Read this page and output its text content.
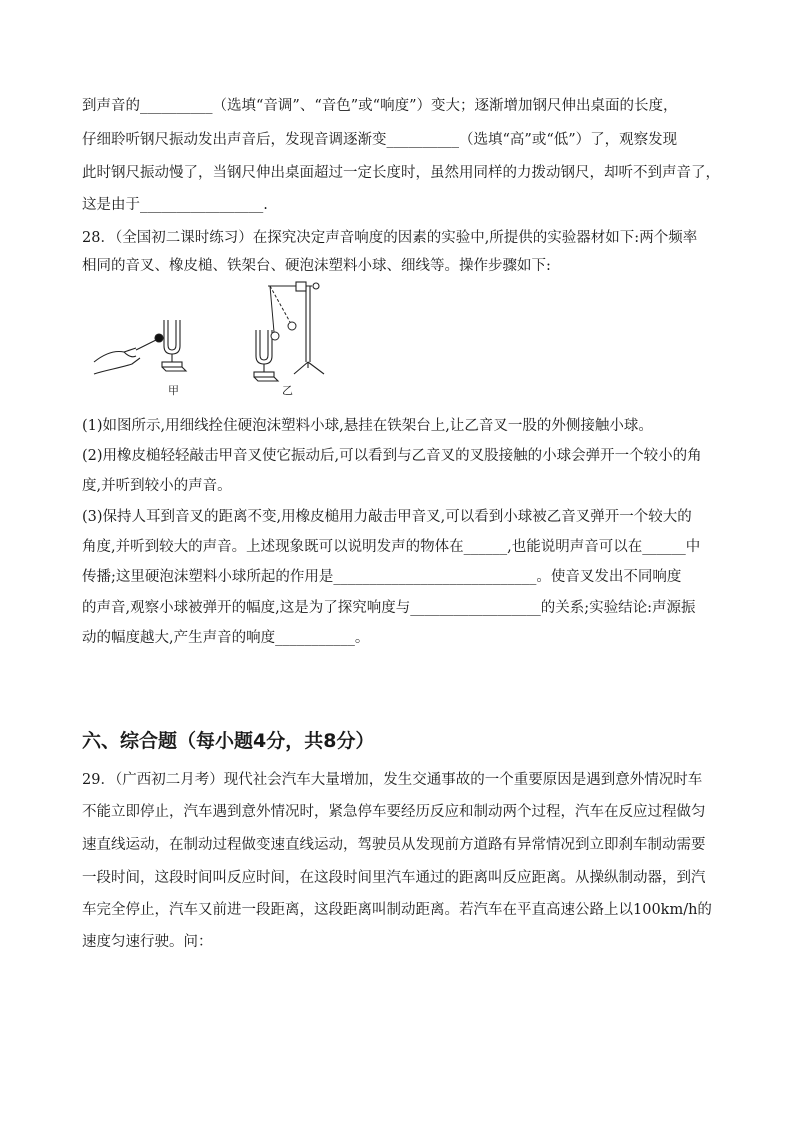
到声音的__________（选填“音调”、“音色”或“响度”）变大；逐渐增加钢尺伸出桌面的长度，
仔细聆听钢尺振动发出声音后，发现音调逐渐变__________（选填“高”或“低”）了，观察发现
此时钢尺振动慢了，当钢尺伸出桌面超过一定长度时，虽然用同样的力拨动钢尺，却听不到声音了，
这是由于_________________.
28．（全国初二课时练习）在探究决定声音响度的因素的实验中,所提供的实验器材如下:两个频率
相同的音叉、橡皮槌、铁架台、硬泡沫塑料小球、细线等。操作步骤如下:
甲	乙
(1)如图所示,用细线拴住硬泡沫塑料小球,悬挂在铁架台上,让乙音叉一股的外侧接触小球。
(2)用橡皮槌轻轻敲击甲音叉使它振动后,可以看到与乙音叉的叉股接触的小球会弹开一个较小的角
度,并听到较小的声音。
(3)保持人耳到音叉的距离不变,用橡皮槌用力敲击甲音叉,可以看到小球被乙音叉弹开一个较大的
角度,并听到较大的声音。上述现象既可以说明发声的物体在______,也能说明声音可以在______中
传播;这里硬泡沫塑料小球所起的作用是____________________________。使音叉发出不同响度
的声音,观察小球被弹开的幅度,这是为了探究响度与__________________的关系;实验结论:声源振
动的幅度越大,产生声音的响度___________。
六、综合题（每小题4分，共8分）
29．（广西初二月考）现代社会汽车大量增加，发生交通事故的一个重要原因是遇到意外情况时车
不能立即停止，汽车遇到意外情况时，紧急停车要经历反应和制动两个过程，汽车在反应过程做匀
速直线运动，在制动过程做变速直线运动，驾驶员从发现前方道路有异常情况到立即刹车制动需要
一段时间，这段时间叫反应时间，在这段时间里汽车通过的距离叫反应距离。从操纵制动器，到汽
车完全停止，汽车又前进一段距离，这段距离叫制动距离。若汽车在平直高速公路上以100km/h的
速度匀速行驶。问：
